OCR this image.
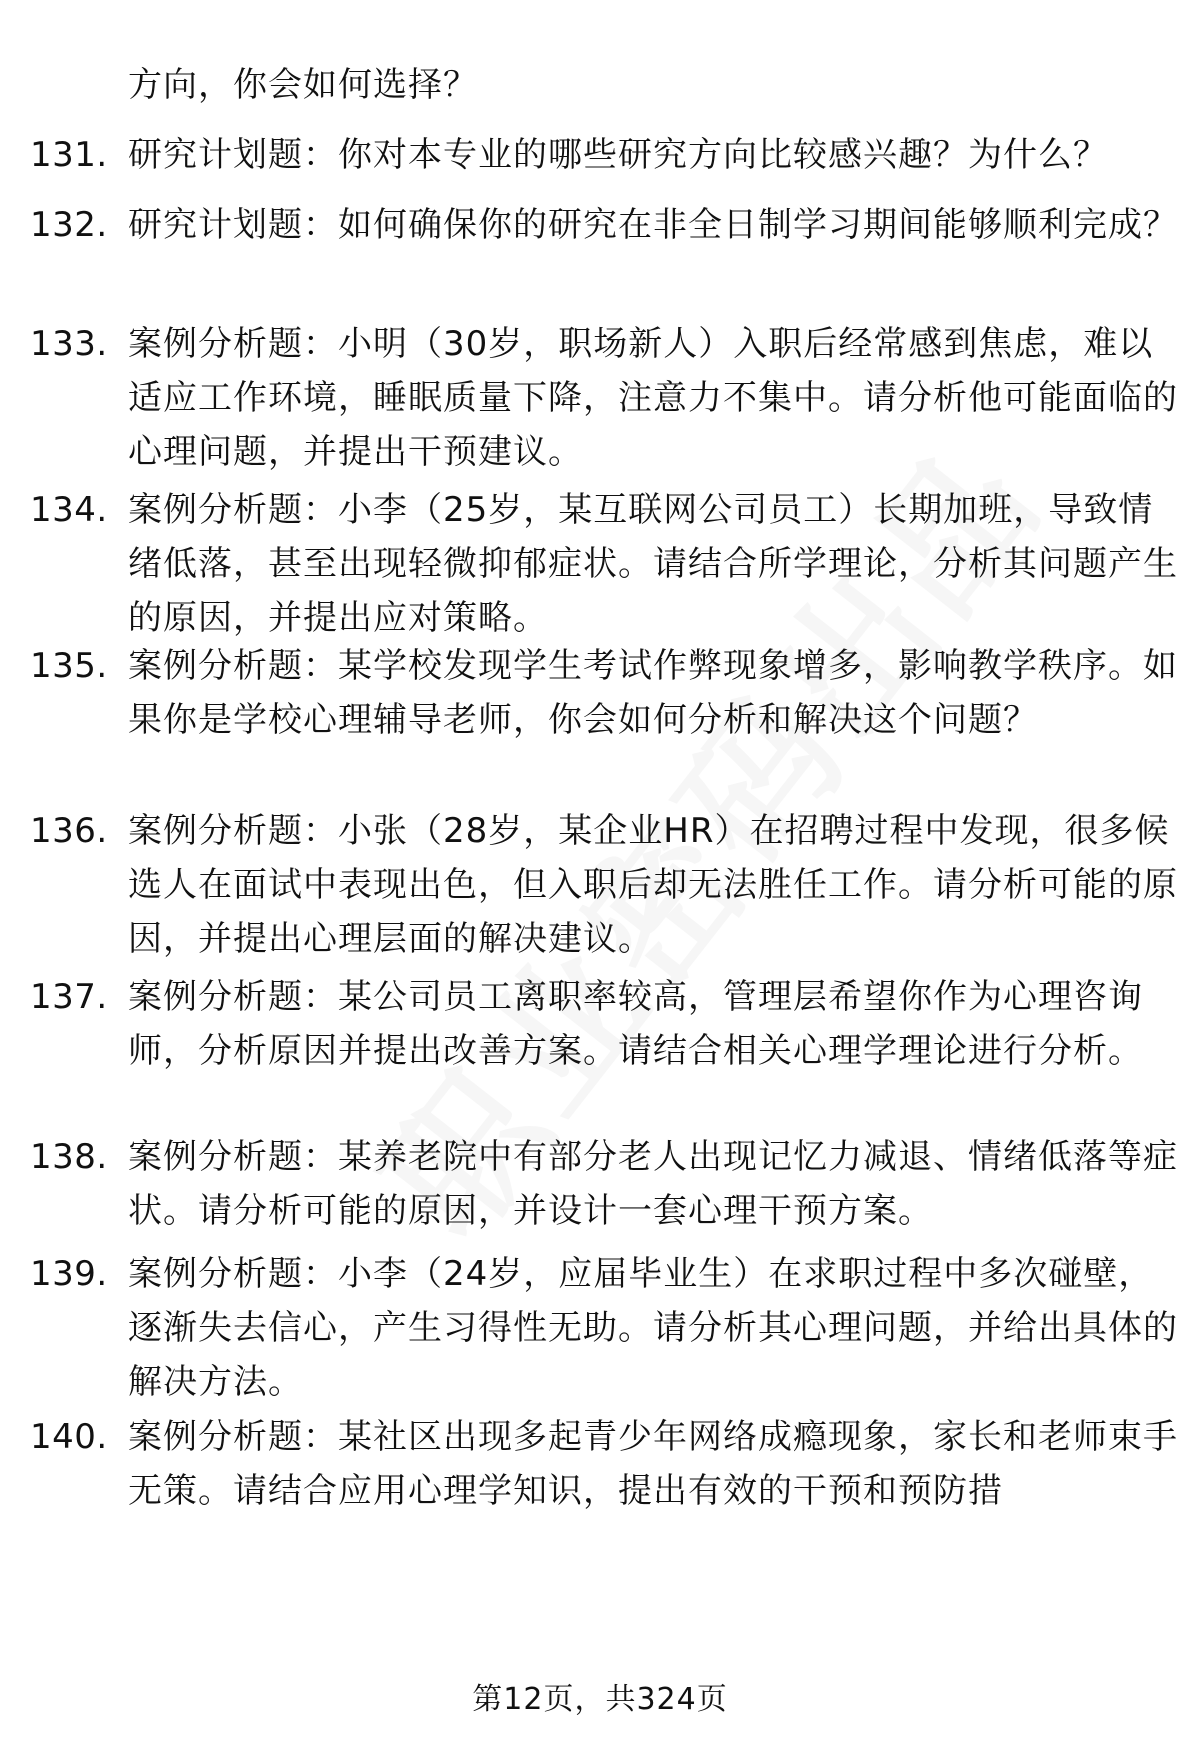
方向，你会如何选择？
131. 研究计划题：你对本专业的哪些研究方向比较感兴趣？为什么？
132. 研究计划题：如何确保你的研究在非全日制学习期间能够顺利完成？
133. 案例分析题：小明（30岁，职场新人）入职后经常感到焦虑，难以适应工作环境，睡眠质量下降，注意力不集中。请分析他可能面临的心理问题，并提出干预建议。
134. 案例分析题：小李（25岁，某互联网公司员工）长期加班，导致情绪低落，甚至出现轻微抑郁症状。请结合所学理论，分析其问题产生的原因，并提出应对策略。
135. 案例分析题：某学校发现学生考试作弊现象增多，影响教学秩序。如果你是学校心理辅导老师，你会如何分析和解决这个问题？
136. 案例分析题：小张（28岁，某企业HR）在招聘过程中发现，很多候选人在面试中表现出色，但入职后却无法胜任工作。请分析可能的原因，并提出心理层面的解决建议。
137. 案例分析题：某公司员工离职率较高，管理层希望你作为心理咨询师，分析原因并提出改善方案。请结合相关心理学理论进行分析。
138. 案例分析题：某养老院中有部分老人出现记忆力减退、情绪低落等症状。请分析可能的原因，并设计一套心理干预方案。
139. 案例分析题：小李（24岁，应届毕业生）在求职过程中多次碰壁，逐渐失去信心，产生习得性无助。请分析其心理问题，并给出具体的解决方法。
140. 案例分析题：某社区出现多起青少年网络成瘾现象，家长和老师束手无策。请结合应用心理学知识，提出有效的干预和预防措
第12页，共324页
